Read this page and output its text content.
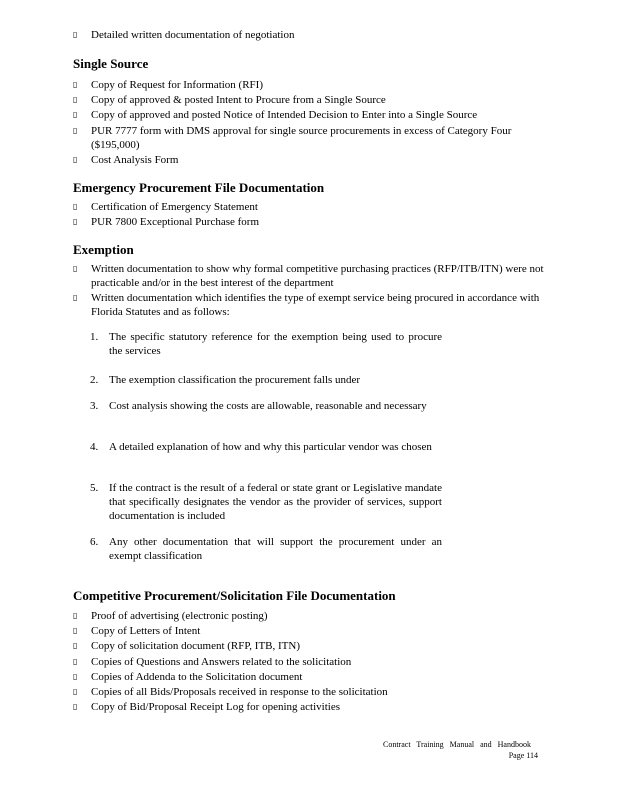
▯ Detailed written documentation of negotiation
Single Source
▯ Copy of Request for Information (RFI)
▯ Copy of approved & posted Intent to Procure from a Single Source
▯ Copy of approved and posted Notice of Intended Decision to Enter into a Single Source
▯ PUR 7777 form with DMS approval for single source procurements in excess of Category Four ($195,000)
▯ Cost Analysis Form
Emergency Procurement File Documentation
▯ Certification of Emergency Statement
▯ PUR 7800 Exceptional Purchase form
Exemption
▯ Written documentation to show why formal competitive purchasing practices (RFP/ITB/ITN) were not practicable and/or in the best interest of the department
▯ Written documentation which identifies the type of exempt service being procured in accordance with Florida Statutes and as follows:
1. The specific statutory reference for the exemption being used to procure the services
2. The exemption classification the procurement falls under
3. Cost analysis showing the costs are allowable, reasonable and necessary
4. A detailed explanation of how and why this particular vendor was chosen
5. If the contract is the result of a federal or state grant or Legislative mandate that specifically designates the vendor as the provider of services, support documentation is included
6. Any other documentation that will support the procurement under an exempt classification
Competitive Procurement/Solicitation File Documentation
▯ Proof of advertising (electronic posting)
▯ Copy of Letters of Intent
▯ Copy of solicitation document (RFP, ITB, ITN)
▯ Copies of Questions and Answers related to the solicitation
▯ Copies of Addenda to the Solicitation document
▯ Copies of all Bids/Proposals received in response to the solicitation
▯ Copy of Bid/Proposal Receipt Log for opening activities
Contract Training Manual and Handbook
Page 114
